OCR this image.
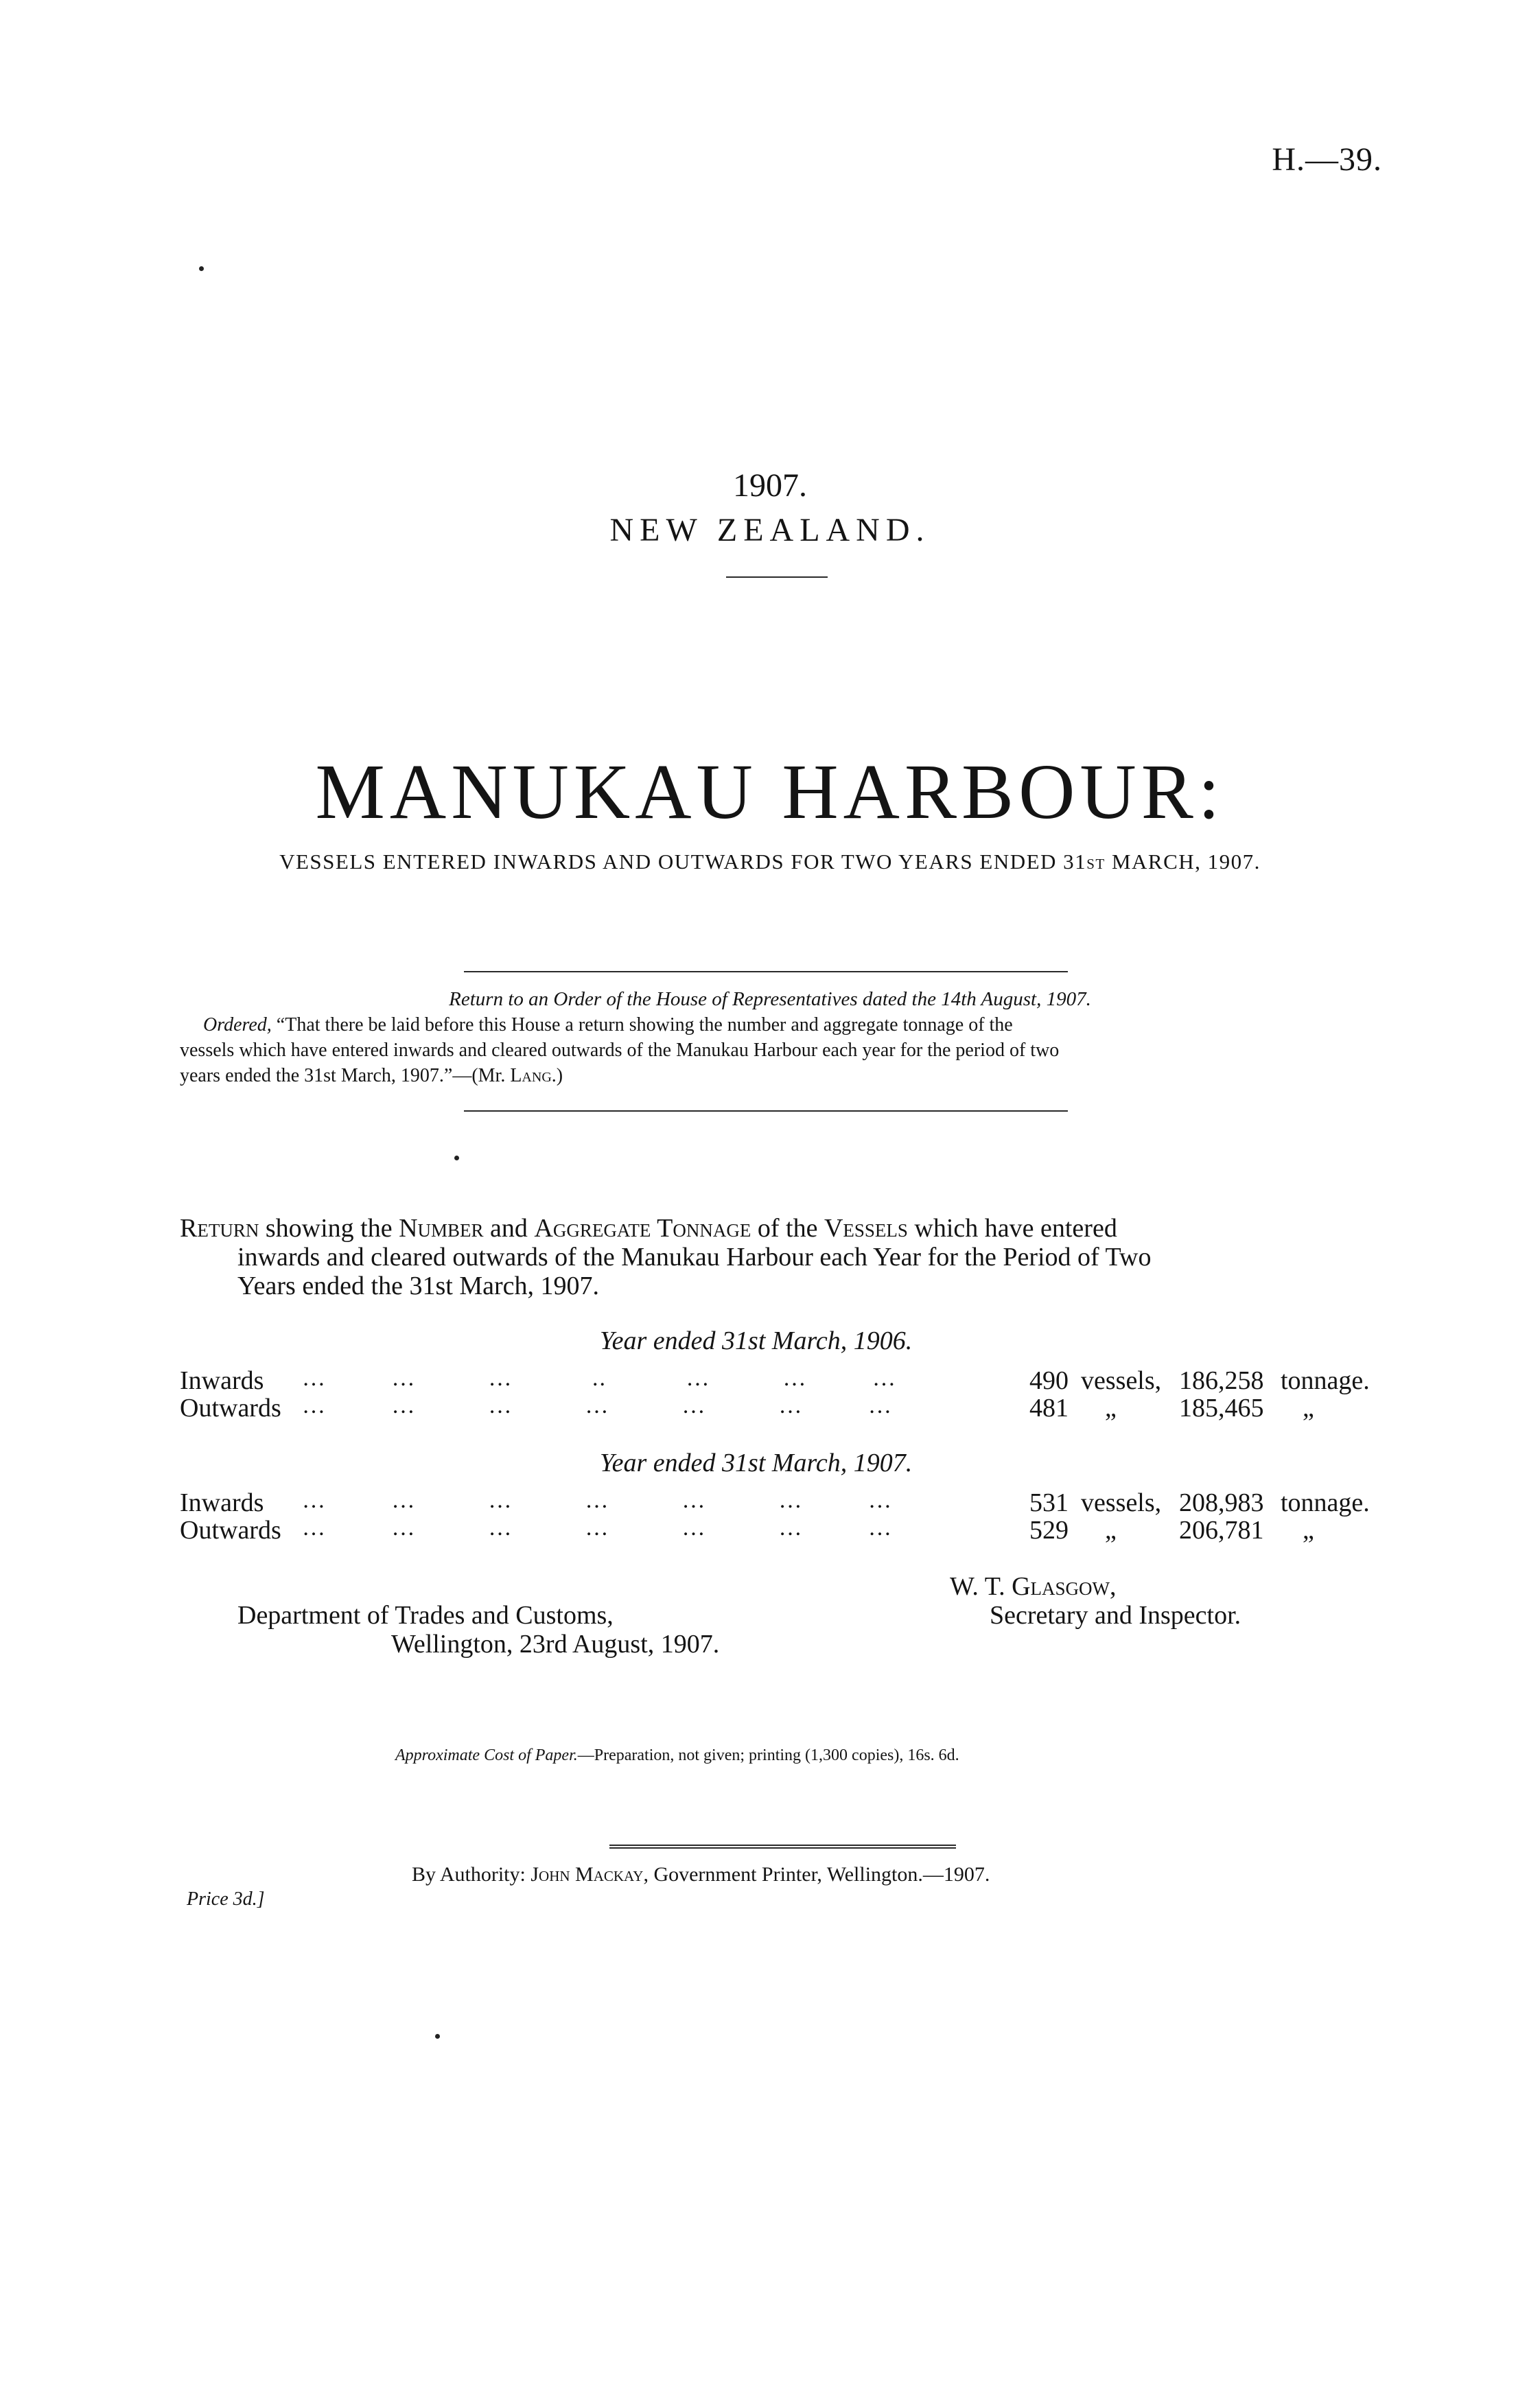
H.—39.
1907.
NEW ZEALAND.
MANUKAU HARBOUR:
VESSELS ENTERED INWARDS AND OUTWARDS FOR TWO YEARS ENDED 31ST MARCH, 1907.
Return to an Order of the House of Representatives dated the 14th August, 1907.
Ordered, “That there be laid before this House a return showing the number and aggregate tonnage of the
vessels which have entered inwards and cleared outwards of the Manukau Harbour each year for the period of two
years ended the 31st March, 1907.”—(Mr. Lang.)
Return showing the Number and Aggregate Tonnage of the Vessels which have entered
inwards and cleared outwards of the Manukau Harbour each Year for the Period of Two
Years ended the 31st March, 1907.
Year ended 31st March, 1906.
Inwards …         …          …           ..           …          …         …	490 vessels, 186,258 tonnage.
Outwards …         …          …          …          …          …         …	481 „ 185,465 „
Year ended 31st March, 1907.
Inwards …         …          …          …          …          …         …	531 vessels, 208,983 tonnage.
Outwards …         …          …          …          …          …         …	529 „ 206,781 „
W. T. Glasgow,
Secretary and Inspector.
Department of Trades and Customs,
Wellington, 23rd August, 1907.
Approximate Cost of Paper.—Preparation, not given; printing (1,300 copies), 16s. 6d.
By Authority: John Mackay, Government Printer, Wellington.—1907.
Price 3d.]
